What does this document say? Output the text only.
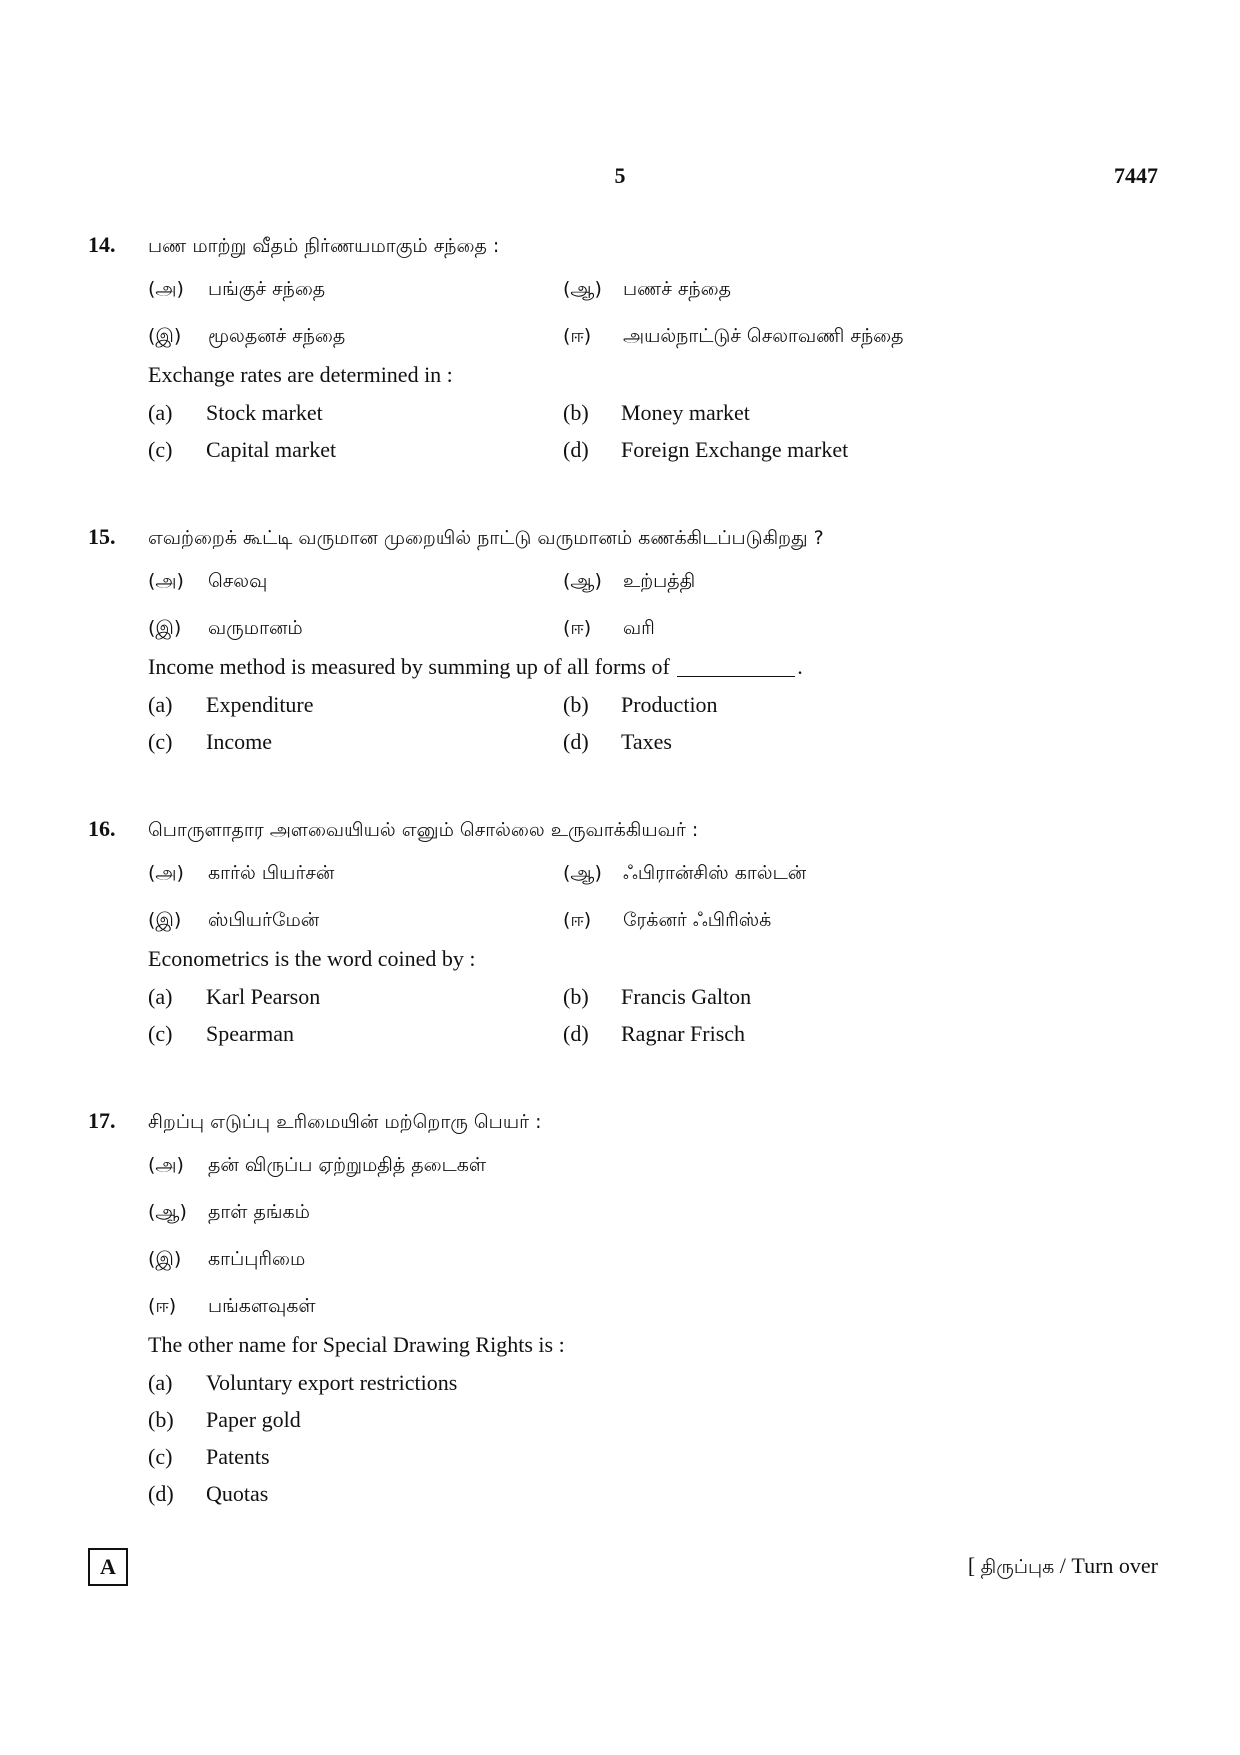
5	7447
14.	பண மாற்று வீதம் நிர்ணயமாகும் சந்தை :
(அ)	பங்குச் சந்தை	(ஆ)	பணச் சந்தை
(இ)	மூலதனச் சந்தை	(ஈ)	அயல்நாட்டுச் செலாவணி சந்தை
Exchange rates are determined in :
(a)	Stock market	(b)	Money market
(c)	Capital market	(d)	Foreign Exchange market
15.	எவற்றைக் கூட்டி வருமான முறையில் நாட்டு வருமானம் கணக்கிடப்படுகிறது ?
(அ)	செலவு	(ஆ)	உற்பத்தி
(இ)	வருமானம்	(ஈ)	வரி
Income method is measured by summing up of all forms of
	.
(a)	Expenditure	(b)	Production
(c)	Income	(d)	Taxes
16.	பொருளாதார அளவையியல் எனும் சொல்லை உருவாக்கியவர் :
(அ)	கார்ல் பியர்சன்	(ஆ)	ஃபிரான்சிஸ் கால்டன்
(இ)	ஸ்பியர்மேன்	(ஈ)	ரேக்னர் ஃபிரிஸ்க்
Econometrics is the word coined by :
(a)	Karl Pearson	(b)	Francis Galton
(c)	Spearman	(d)	Ragnar Frisch
17.	சிறப்பு எடுப்பு உரிமையின் மற்றொரு பெயர் :
(அ)	தன் விருப்ப ஏற்றுமதித் தடைகள்
(ஆ)	தாள் தங்கம்
(இ)	காப்புரிமை
(ஈ)	பங்களவுகள்
The other name for Special Drawing Rights is :
(a)	Voluntary export restrictions
(b)	Paper gold
(c)	Patents
(d)	Quotas
A	[ திருப்புக / Turn over
